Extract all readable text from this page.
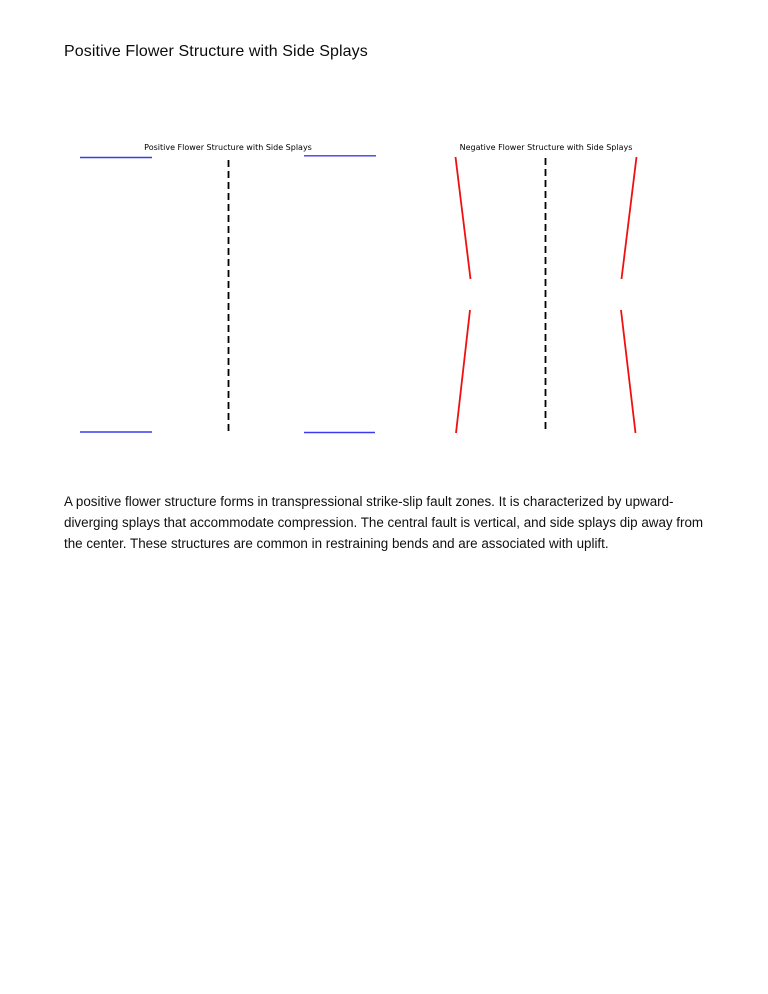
Positive Flower Structure with Side Splays
Positive Flower Structure with Side Splays	Negative Flower Structure with Side Splays

A positive flower structure forms in transpressional strike-slip fault zones. It is characterized by upward-diverging splays that accommodate compression. The central fault is vertical, and side splays dip away from the center. These structures are common in restraining bends and are associated with uplift.
